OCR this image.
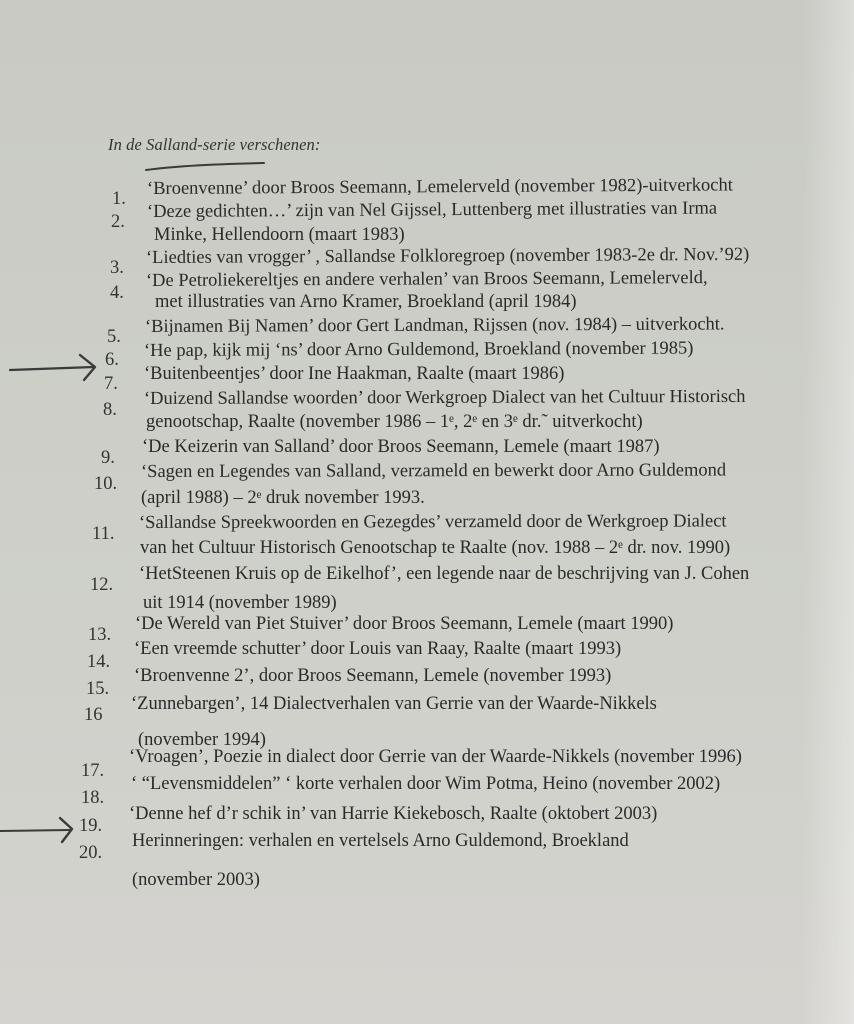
In de Salland-serie verschenen:
1.
‘Broenvenne’ door Broos Seemann, Lemelerveld (november 1982)-uitverkocht
2.
‘Deze gedichten…’ zijn van Nel Gijssel, Luttenberg met illustraties van Irma
Minke, Hellendoorn (maart 1983)
3.
‘Liedties van vrogger’ , Sallandse Folkloregroep (november 1983-2e dr. Nov.’92)
4.
‘De Petroliekereltjes en andere verhalen’ van Broos Seemann, Lemelerveld,
met illustraties van Arno Kramer, Broekland (april 1984)
5.
‘Bijnamen Bij Namen’ door Gert Landman, Rijssen (nov. 1984) – uitverkocht.
6. ‘He pap, kijk mij ‘ns’ door Arno Guldemond, Broekland (november 1985)
7. ‘Buitenbeentjes’ door Ine Haakman, Raalte (maart 1986)
8.
‘Duizend Sallandse woorden’ door Werkgroep Dialect van het Cultuur Historisch
genootschap, Raalte (november 1986 – 1ᵉ, 2ᵉ en 3ᵉ dr.˜ uitverkocht)
9.
‘De Keizerin van Salland’ door Broos Seemann, Lemele (maart 1987)
10.
‘Sagen en Legendes van Salland, verzameld en bewerkt door Arno Guldemond
(april 1988) – 2ᵉ druk november 1993.
11.
‘Sallandse Spreekwoorden en Gezegdes’ verzameld door de Werkgroep Dialect
van het Cultuur Historisch Genootschap te Raalte (nov. 1988 – 2ᵉ dr. nov. 1990)
12.
‘HetSteenen Kruis op de Eikelhof’, een legende naar de beschrijving van J. Cohen
uit 1914 (november 1989)
13.
‘De Wereld van Piet Stuiver’ door Broos Seemann, Lemele (maart 1990)
14.
‘Een vreemde schutter’ door Louis van Raay, Raalte (maart 1993)
15.
‘Broenvenne 2’, door Broos Seemann, Lemele (november 1993)
16
‘Zunnebargen’, 14 Dialectverhalen van Gerrie van der Waarde-Nikkels
(november 1994)
17.
‘Vroagen’, Poezie in dialect door Gerrie van der Waarde-Nikkels (november 1996)
18.
‘ “Levensmiddelen” ‘ korte verhalen door Wim Potma, Heino (november 2002)
19.
‘Denne hef d’r schik in’ van Harrie Kiekebosch, Raalte (oktobert 2003)
20.
Herinneringen: verhalen en vertelsels Arno Guldemond, Broekland
(november 2003)
